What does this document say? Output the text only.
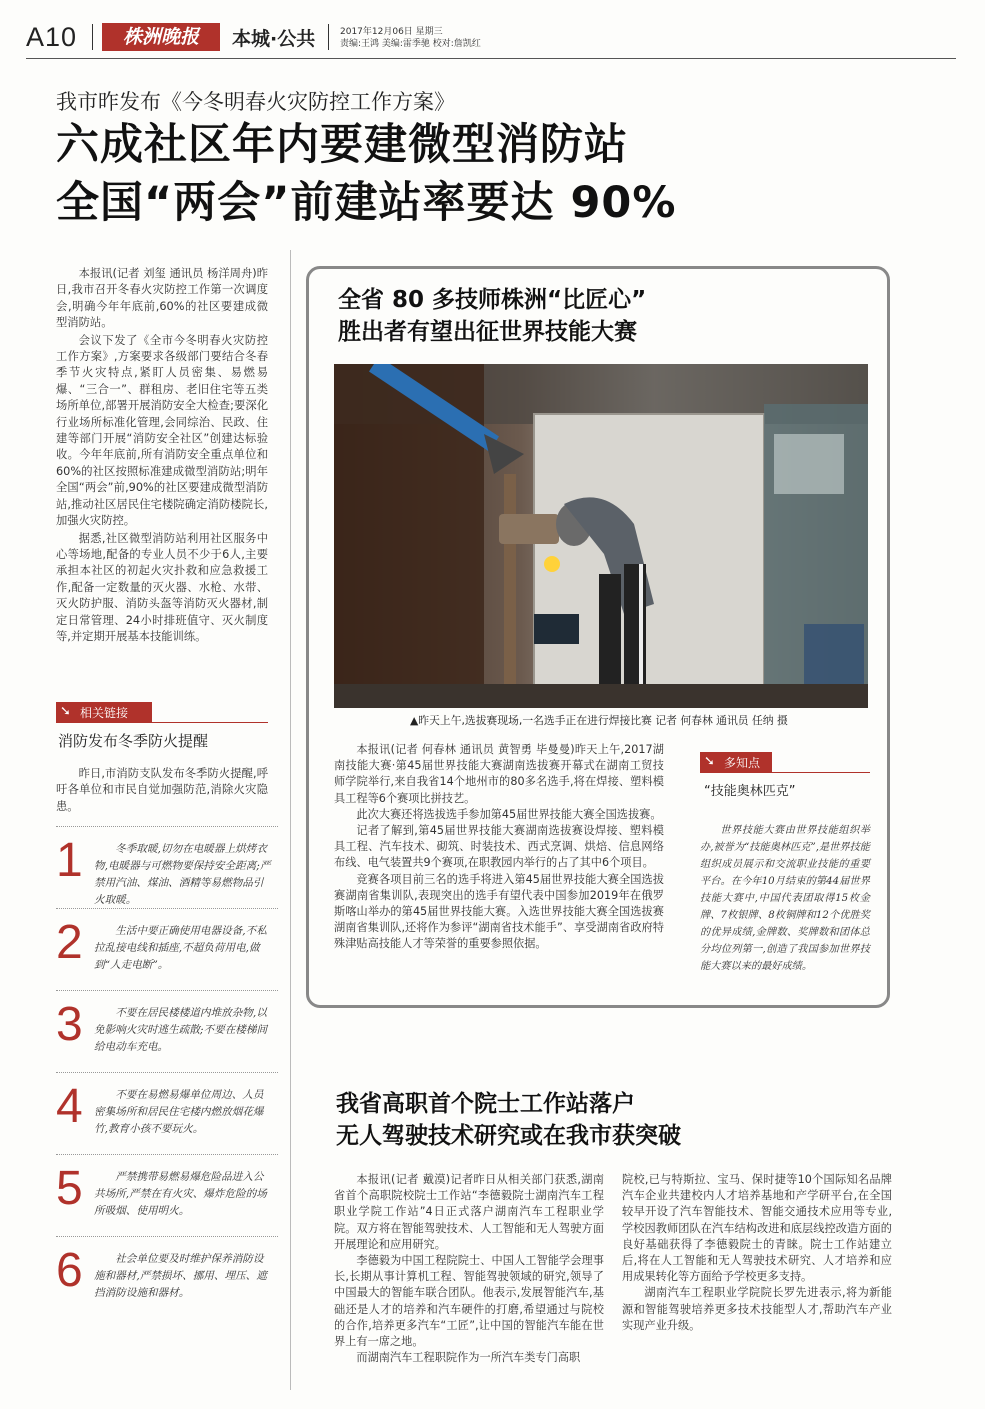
A10	株洲晚报	本城·公共	2017年12月06日 星期三
责编:王鸿 美编:雷季驰 校对:詹凯红
我市昨发布《今冬明春火灾防控工作方案》
六成社区年内要建微型消防站
全国“两会”前建站率要达 90%

本报讯(记者 刘玺 通讯员 杨洋周舟)昨日,我市召开冬春火灾防控工作第一次调度会,明确今年年底前,60%的社区要建成微型消防站。

会议下发了《全市今冬明春火灾防控工作方案》,方案要求各级部门要结合冬春季节火灾特点,紧盯人员密集、易燃易爆、“三合一”、群租房、老旧住宅等五类场所单位,部署开展消防安全大检查;要深化行业场所标准化管理,会同综治、民政、住建等部门开展“消防安全社区”创建达标验收。今年年底前,所有消防安全重点单位和60%的社区按照标准建成微型消防站;明年全国“两会”前,90%的社区要建成微型消防站,推动社区居民住宅楼院确定消防楼院长,加强火灾防控。

据悉,社区微型消防站利用社区服务中心等场地,配备的专业人员不少于6人,主要承担本社区的初起火灾扑救和应急救援工作,配备一定数量的灭火器、水枪、水带、灭火防护服、消防头盔等消防灭火器材,制定日常管理、24小时排班值守、灭火制度等,并定期开展基本技能训练。

➘ 相关链接
消防发布冬季防火提醒

昨日,市消防支队发布冬季防火提醒,呼吁各单位和市民自觉加强防范,消除火灾隐患。

1	冬季取暖,切勿在电暖器上烘烤衣物,电暖器与可燃物要保持安全距离;严禁用汽油、煤油、酒精等易燃物品引火取暖。
2	生活中要正确使用电器设备,不私拉乱接电线和插座,不超负荷用电,做到“人走电断”。
3	不要在居民楼楼道内堆放杂物,以免影响火灾时逃生疏散;不要在楼梯间给电动车充电。
4	不要在易燃易爆单位周边、人员密集场所和居民住宅楼内燃放烟花爆竹,教育小孩不要玩火。
5	严禁携带易燃易爆危险品进入公共场所,严禁在有火灾、爆炸危险的场所吸烟、使用明火。
6	社会单位要及时维护保养消防设施和器材,严禁损坏、挪用、埋压、遮挡消防设施和器材。
全省 80 多技师株洲“比匠心”
胜出者有望出征世界技能大赛
▲昨天上午,选拔赛现场,一名选手正在进行焊接比赛 记者 何春林 通讯员 任纳 摄

本报讯(记者 何春林 通讯员 黄智勇 毕曼曼)昨天上午,2017湖南技能大赛·第45届世界技能大赛湖南选拔赛开幕式在湖南工贸技师学院举行,来自我省14个地州市的80多名选手,将在焊接、塑料模具工程等6个赛项比拼技艺。

此次大赛还将选拔选手参加第45届世界技能大赛全国选拔赛。

记者了解到,第45届世界技能大赛湖南选拔赛设焊接、塑料模具工程、汽车技术、砌筑、时装技术、西式烹调、烘焙、信息网络布线、电气装置共9个赛项,在职教园内举行的占了其中6个项目。

竞赛各项目前三名的选手将进入第45届世界技能大赛全国选拔赛湖南省集训队,表现突出的选手有望代表中国参加2019年在俄罗斯喀山举办的第45届世界技能大赛。入选世界技能大赛全国选拔赛湖南省集训队,还将作为参评“湖南省技术能手”、享受湖南省政府特殊津贴高技能人才等荣誉的重要参照依据。

➘ 多知点
“技能奥林匹克”
世界技能大赛由世界技能组织举办,被誉为“技能奥林匹克”,是世界技能组织成员展示和交流职业技能的重要平台。在今年10月结束的第44届世界技能大赛中,中国代表团取得15枚金牌、7枚银牌、8枚铜牌和12个优胜奖的优异成绩,金牌数、奖牌数和团体总分均位列第一,创造了我国参加世界技能大赛以来的最好成绩。
我省高职首个院士工作站落户
无人驾驶技术研究或在我市获突破

本报讯(记者 戴漠)记者昨日从相关部门获悉,湖南省首个高职院校院士工作站“李德毅院士湖南汽车工程职业学院工作站”4日正式落户湖南汽车工程职业学院。双方将在智能驾驶技术、人工智能和无人驾驶方面开展理论和应用研究。

李德毅为中国工程院院士、中国人工智能学会理事长,长期从事计算机工程、智能驾驶领域的研究,领导了中国最大的智能车联合团队。他表示,发展智能汽车,基础还是人才的培养和汽车硬件的打磨,希望通过与院校的合作,培养更多汽车“工匠”,让中国的智能汽车能在世界上有一席之地。

而湖南汽车工程职院作为一所汽车类专门高职

院校,已与特斯拉、宝马、保时捷等10个国际知名品牌汽车企业共建校内人才培养基地和产学研平台,在全国较早开设了汽车智能技术、智能交通技术应用等专业,学校因教师团队在汽车结构改进和底层线控改造方面的良好基础获得了李德毅院士的青睐。院士工作站建立后,将在人工智能和无人驾驶技术研究、人才培养和应用成果转化等方面给予学校更多支持。

湖南汽车工程职业学院院长罗先进表示,将为新能源和智能驾驶培养更多技术技能型人才,帮助汽车产业实现产业升级。
